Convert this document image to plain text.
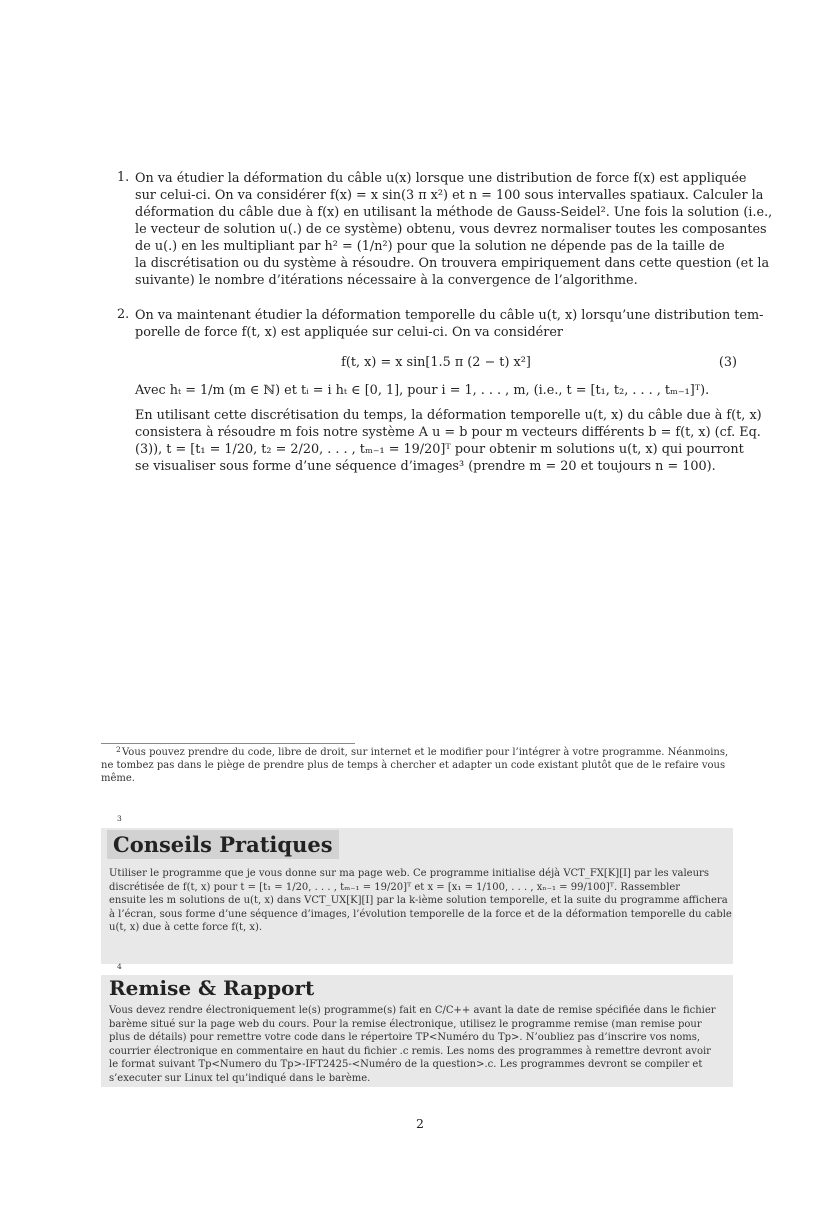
1. On va étudier la déformation du câble u(x) lorsque une distribution de force f(x) est appliquée
sur celui-ci. On va considérer f(x) = x sin(3 π x²) et n = 100 sous intervalles spatiaux. Calculer la
déformation du câble due à f(x) en utilisant la méthode de Gauss-Seidel². Une fois la solution (i.e.,
le vecteur de solution u(.) de ce système) obtenu, vous devrez normaliser toutes les composantes
de u(.) en les multipliant par h² = (1/n²) pour que la solution ne dépende pas de la taille de
la discrétisation ou du système à résoudre. On trouvera empiriquement dans cette question (et la
suivante) le nombre d’itérations nécessaire à la convergence de l’algorithme.
2. On va maintenant étudier la déformation temporelle du câble u(t, x) lorsqu’une distribution tem-
porelle de force f(t, x) est appliquée sur celui-ci. On va considérer
f(t, x) = x sin[1.5 π (2 − t) x²]	(3)
Avec hₜ = 1/m (m ∈ ℕ) et tᵢ = i hₜ ∈ [0, 1], pour i = 1, . . . , m, (i.e., t = [t₁, t₂, . . . , tₘ₋₁]ᵀ).
En utilisant cette discrétisation du temps, la déformation temporelle u(t, x) du câble due à f(t, x)
consistera à résoudre m fois notre système A u = b pour m vecteurs différents b = f(t, x) (cf. Eq.
(3)), t = [t₁ = 1/20, t₂ = 2/20, . . . , tₘ₋₁ = 19/20]ᵀ pour obtenir m solutions u(t, x) qui pourront
se visualiser sous forme d’une séquence d’images³ (prendre m = 20 et toujours n = 100).
2 Vous pouvez prendre du code, libre de droit, sur internet et le modifier pour l’intégrer à votre programme. Néanmoins,
ne tombez pas dans le piège de prendre plus de temps à chercher et adapter un code existant plutôt que de le refaire vous
même.
3
Conseils Pratiques
Utiliser le programme que je vous donne sur ma page web. Ce programme initialise déjà VCT_FX[K][I] par les valeurs
discrétisée de f(t, x) pour t = [t₁ = 1/20, . . . , tₘ₋₁ = 19/20]ᵀ et x = [x₁ = 1/100, . . . , xₙ₋₁ = 99/100]ᵀ. Rassembler
ensuite les m solutions de u(t, x) dans VCT_UX[K][I] par la k-ième solution temporelle, et la suite du programme affichera
à l’écran, sous forme d’une séquence d’images, l’évolution temporelle de la force et de la déformation temporelle du cable
u(t, x) due à cette force f(t, x).
4
Remise & Rapport
Vous devez rendre électroniquement le(s) programme(s) fait en C/C++ avant la date de remise spécifiée dans le fichier
barème situé sur la page web du cours. Pour la remise électronique, utilisez le programme remise (man remise pour
plus de détails) pour remettre votre code dans le répertoire TP<Numéro du Tp>. N’oubliez pas d’inscrire vos noms,
courrier électronique en commentaire en haut du fichier .c remis. Les noms des programmes à remettre devront avoir
le format suivant Tp<Numero du Tp>-IFT2425-<Numéro de la question>.c. Les programmes devront se compiler et
s’executer sur Linux tel qu’indiqué dans le barème.
2
